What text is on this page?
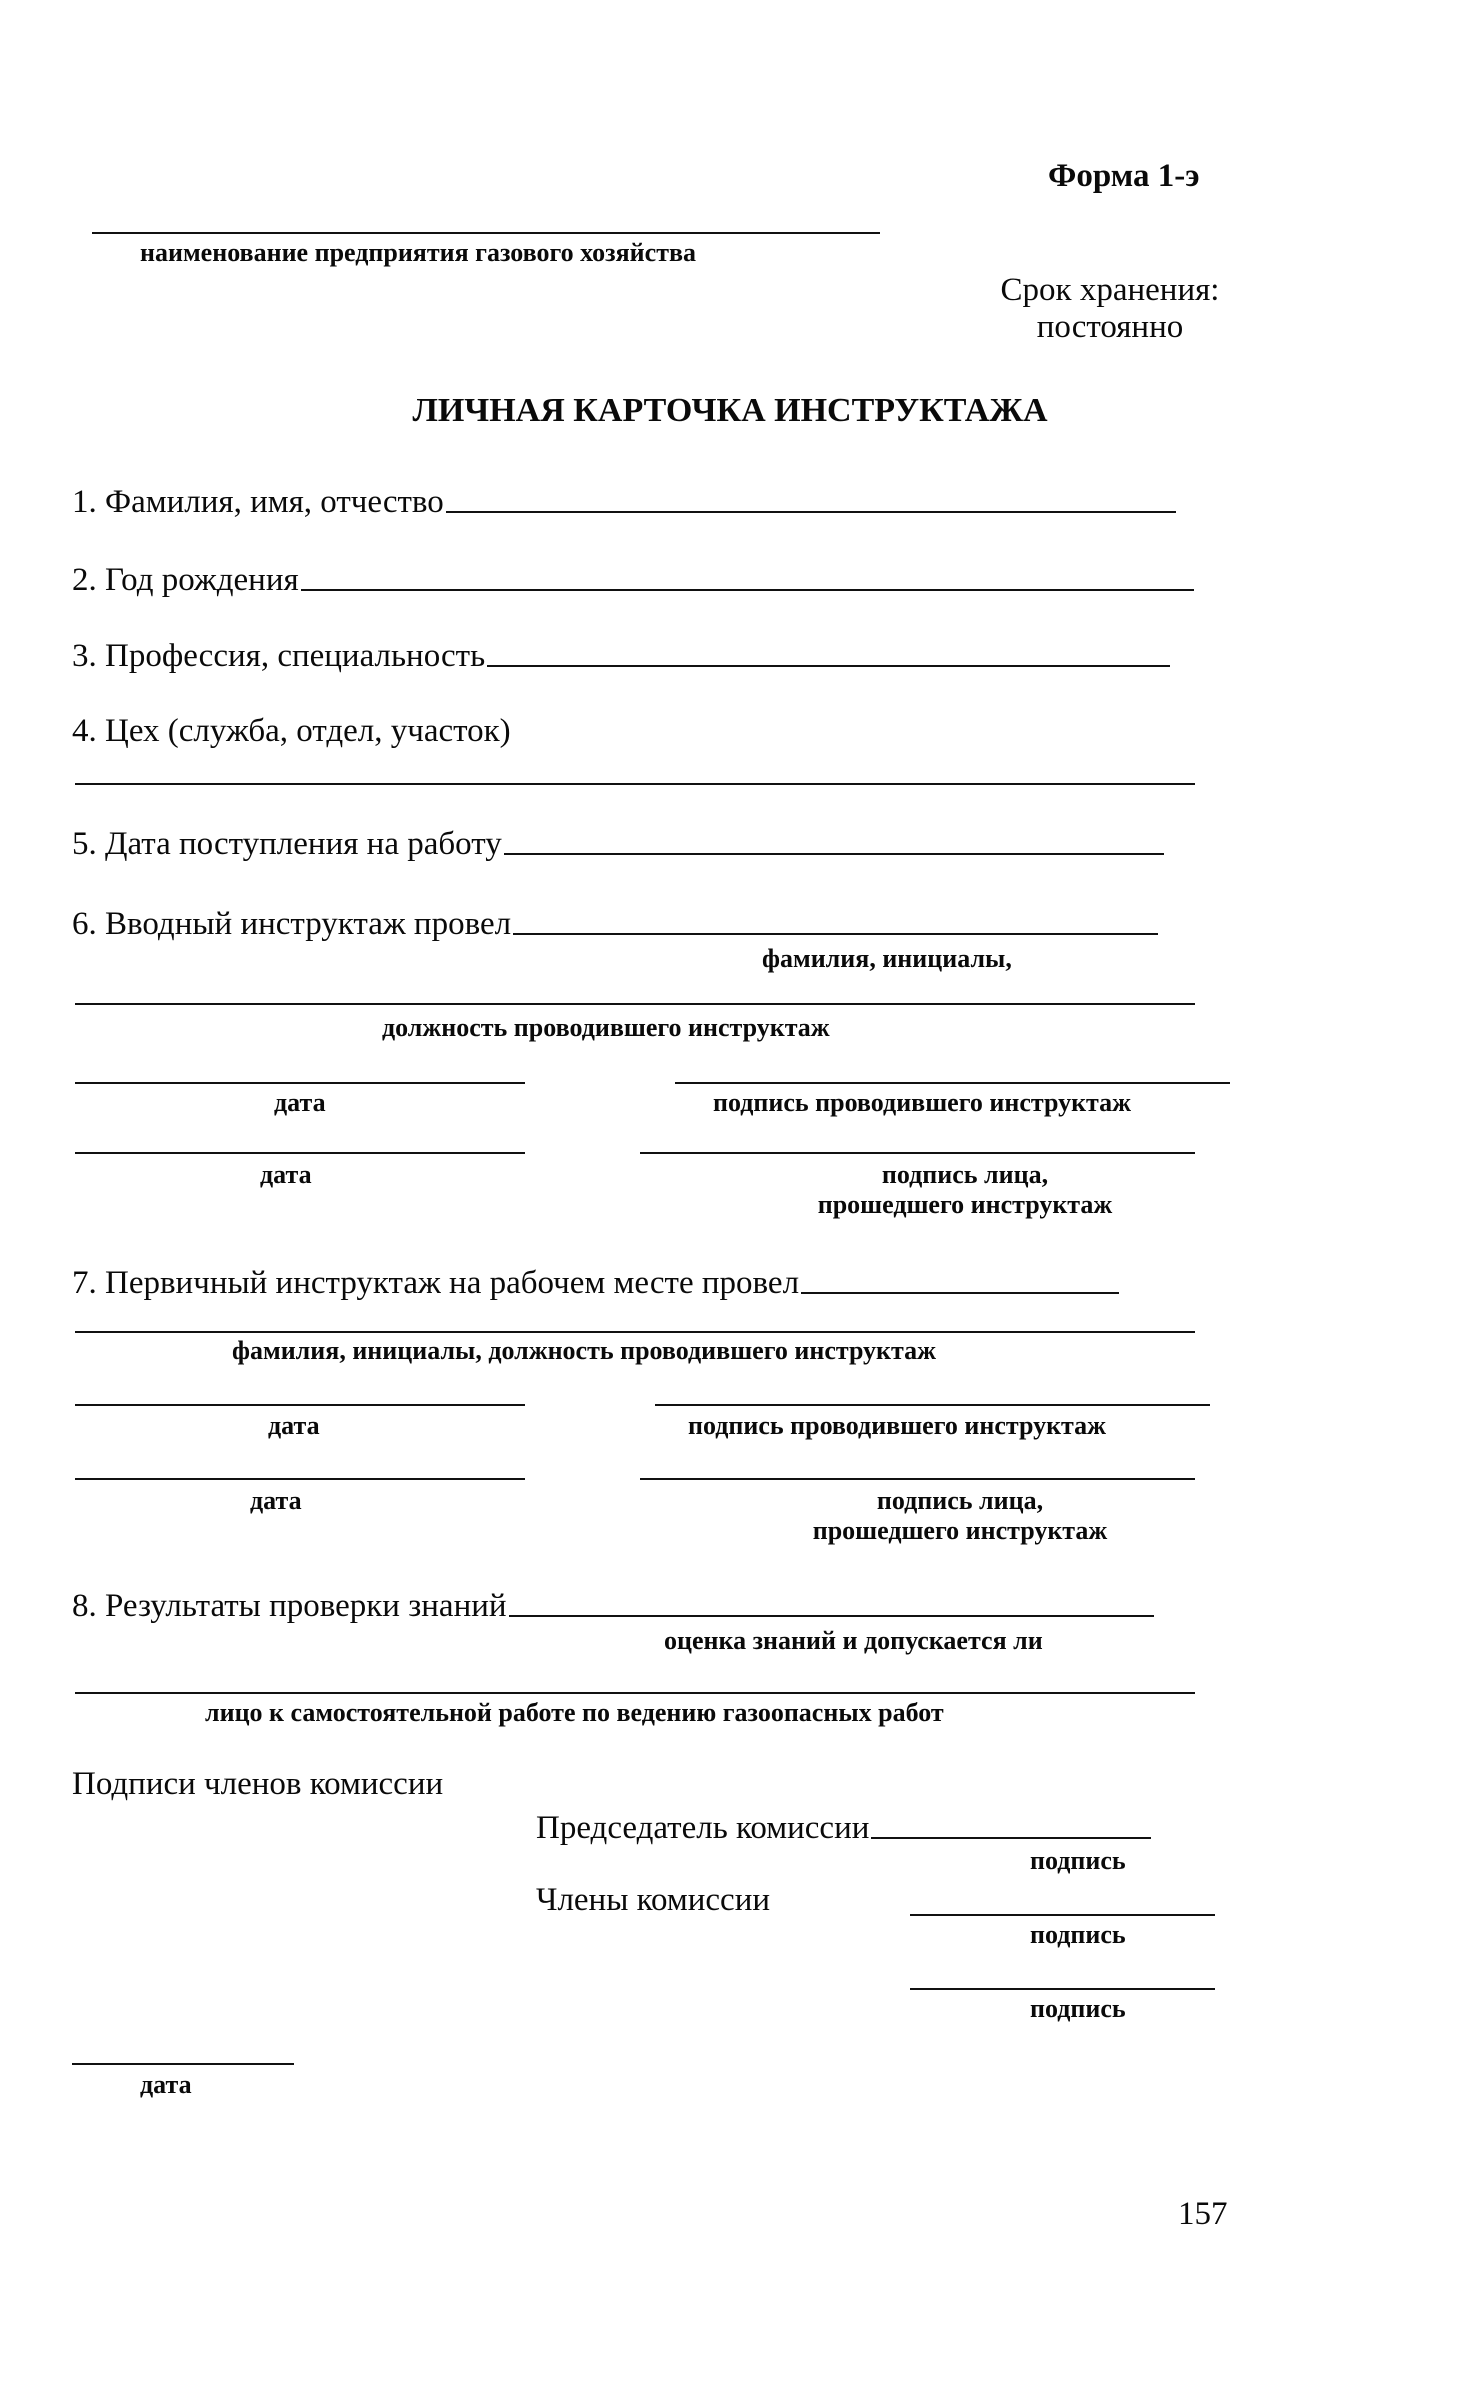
Форма 1-э
наименование предприятия газового хозяйства
Срок хранения:
постоянно
ЛИЧНАЯ КАРТОЧКА ИНСТРУКТАЖА
1. Фамилия, имя, отчество
2. Год рождения
3. Профессия, специальность
4. Цех (служба, отдел, участок)
5. Дата поступления на работу
6. Вводный инструктаж провел
фамилия, инициалы,
должность проводившего инструктаж
дата	подпись проводившего инструктаж
дата	подпись лица,
прошедшего инструктаж
7. Первичный инструктаж на рабочем месте провел
фамилия, инициалы, должность проводившего инструктаж
дата	подпись проводившего инструктаж
дата	подпись лица,
прошедшего инструктаж
8. Результаты проверки знаний
оценка знаний и допускается ли
лицо к самостоятельной работе по ведению газоопасных работ
Подписи членов комиссии
Председатель комиссии
подпись
Члены комиссии
подпись
подпись
дата
157
